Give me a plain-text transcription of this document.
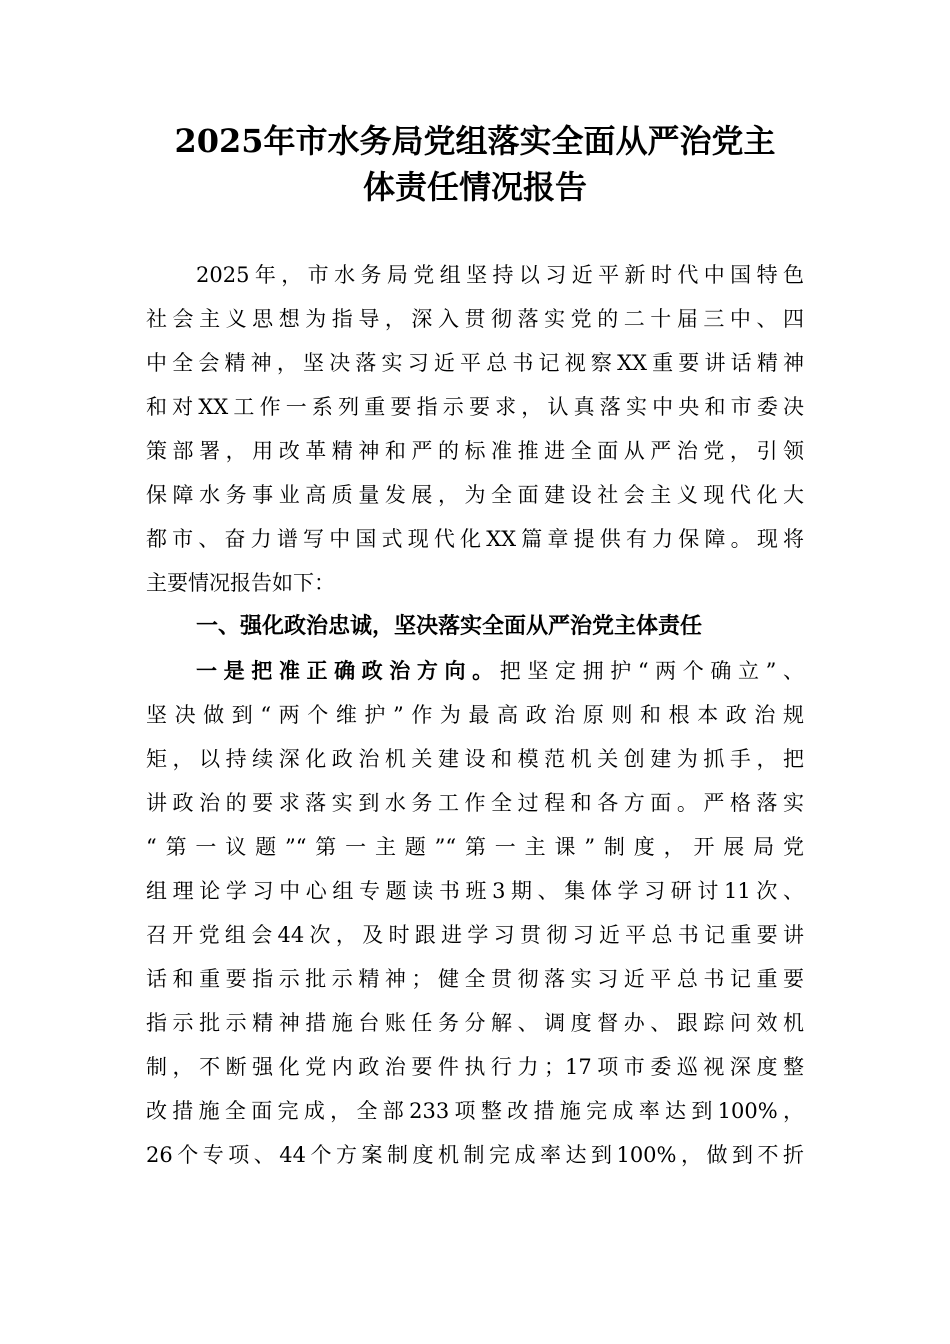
2025年市水务局党组落实全面从严治党主
体责任情况报告
2025年，市水务局党组坚持以习近平新时代中国特色
社会主义思想为指导，深入贯彻落实党的二十届三中、四
中全会精神，坚决落实习近平总书记视察XX重要讲话精神
和对XX工作一系列重要指示要求，认真落实中央和市委决
策部署，用改革精神和严的标准推进全面从严治党，引领
保障水务事业高质量发展，为全面建设社会主义现代化大
都市、奋力谱写中国式现代化XX篇章提供有力保障。现将
主要情况报告如下：
一、强化政治忠诚，坚决落实全面从严治党主体责任
一是把准正确政治方向。把坚定拥护“两个确立”、
坚决做到“两个维护”作为最高政治原则和根本政治规
矩，以持续深化政治机关建设和模范机关创建为抓手，把
讲政治的要求落实到水务工作全过程和各方面。严格落实
“第一议题”“第一主题”“第一主课”制度，开展局党
组理论学习中心组专题读书班3期、集体学习研讨11次、
召开党组会44次，及时跟进学习贯彻习近平总书记重要讲
话和重要指示批示精神；健全贯彻落实习近平总书记重要
指示批示精神措施台账任务分解、调度督办、跟踪问效机
制，不断强化党内政治要件执行力；17项市委巡视深度整
改措施全面完成，全部233项整改措施完成率达到100%，
26个专项、44个方案制度机制完成率达到100%，做到不折
